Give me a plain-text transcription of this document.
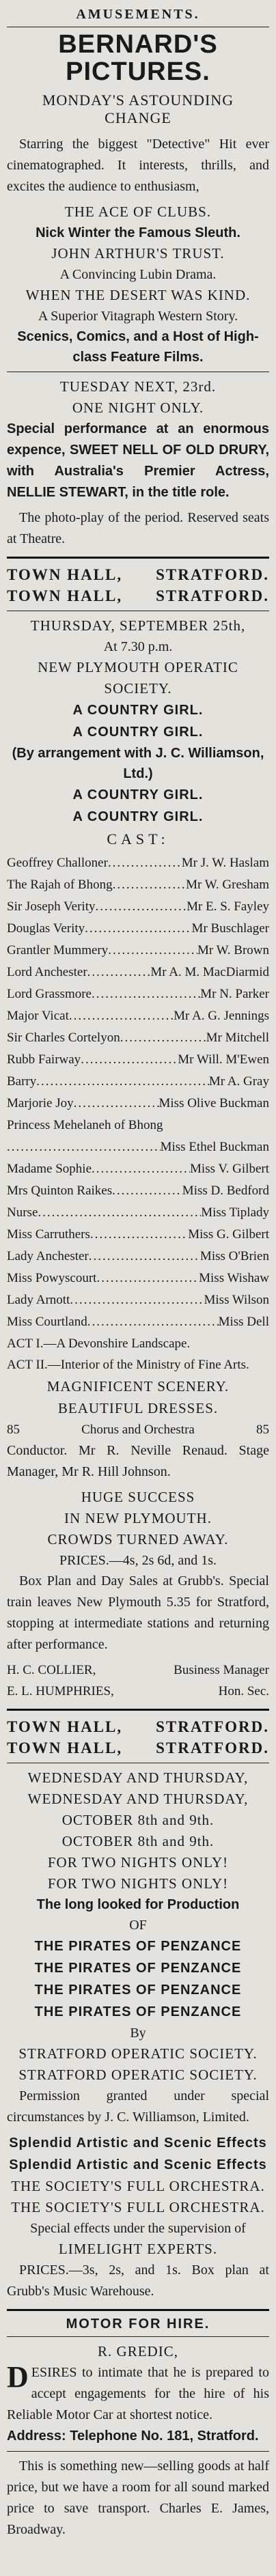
AMUSEMENTS.
BERNARD'S PICTURES.
MONDAY'S ASTOUNDING CHANGE

Starring the biggest "Detective" Hit ever cinematographed. It interests, thrills, and excites the audience to enthusiasm,

THE ACE OF CLUBS.
Nick Winter the Famous Sleuth.
JOHN ARTHUR'S TRUST.
A Convincing Lubin Drama.
WHEN THE DESERT WAS KIND.
A Superior Vitagraph Western Story.
Scenics, Comics, and a Host of High-class Feature Films.
TUESDAY NEXT, 23rd.
ONE NIGHT ONLY.

Special performance at an enormous expence, SWEET NELL OF OLD DRURY, with Australia's Premier Actress, NELLIE STEWART, in the title role.

The photo-play of the period. Reserved seats at Theatre.

TOWN HALL, STRATFORD.
TOWN HALL, STRATFORD.
THURSDAY, SEPTEMBER 25th,
At 7.30 p.m.
NEW PLYMOUTH OPERATIC SOCIETY.
A COUNTRY GIRL.
A COUNTRY GIRL.
(By arrangement with J. C. Williamson, Ltd.)
A COUNTRY GIRL.
A COUNTRY GIRL.
CAST:
Geoffrey Challoner .....	Mr J. W. Haslam
The Rajah of Bhong .....	Mr W. Gresham
Sir Joseph Verity .....	Mr E. S. Fayley
Douglas Verity .....	Mr Buschlager
Grantler Mummery .....	Mr W. Brown
Lord Anchester .....	Mr A. M. MacDiarmid
Lord Grassmore .....	Mr N. Parker
Major Vicat .....	Mr A. G. Jennings
Sir Charles Cortelyon .....	Mr Mitchell
Rubb Fairway .....	Mr Will. M'Ewen
Barry .....	Mr A. Gray
Marjorie Joy .....	Miss Olive Buckman
Princess Mehelaneh of Bhong
.....
Miss Ethel Buckman
Madame Sophie .....	Miss V. Gilbert
Mrs Quinton Raikes .....	Miss D. Bedford
Nurse .....	Miss Tiplady
Miss Carruthers .....	Miss G. Gilbert
Lady Anchester .....	Miss O'Brien
Miss Powyscourt .....	Miss Wishaw
Lady Arnott .....	Miss Wilson
Miss Courtland .....	Miss Dell

ACT I.—A Devonshire Landscape.

ACT II.—Interior of the Ministry of Fine Arts.

MAGNIFICENT SCENERY. BEAUTIFUL DRESSES.
85	Chorus and Orchestra	85

Conductor. Mr R. Neville Renaud. Stage Manager, Mr R. Hill Johnson.

HUGE SUCCESS
IN NEW PLYMOUTH.
CROWDS TURNED AWAY.
PRICES.—4s, 2s 6d, and 1s.

Box Plan and Day Sales at Grubb's. Special train leaves New Plymouth 5.35 for Stratford, stopping at intermediate stations and returning after performance.

H. C. COLLIER,	Business Manager
E. L. HUMPHRIES,	Hon. Sec.
TOWN HALL, STRATFORD.
TOWN HALL, STRATFORD.
WEDNESDAY AND THURSDAY,
WEDNESDAY AND THURSDAY,
OCTOBER 8th and 9th.
OCTOBER 8th and 9th.
FOR TWO NIGHTS ONLY!
FOR TWO NIGHTS ONLY!
The long looked for Production
OF
THE PIRATES OF PENZANCE
THE PIRATES OF PENZANCE
THE PIRATES OF PENZANCE
THE PIRATES OF PENZANCE
By
STRATFORD OPERATIC SOCIETY.
STRATFORD OPERATIC SOCIETY.

Permission granted under special circumstances by J. C. Williamson, Limited.

Splendid Artistic and Scenic Effects
Splendid Artistic and Scenic Effects
THE SOCIETY'S FULL ORCHESTRA.
THE SOCIETY'S FULL ORCHESTRA.
Special effects under the supervision of
LIMELIGHT EXPERTS.

PRICES.—3s, 2s, and 1s. Box plan at Grubb's Music Warehouse.

MOTOR FOR HIRE.
R. GREDIC,
DESIRES to intimate that he is prepared to accept engagements for the hire of his Reliable Motor Car at shortest notice.

Address: Telephone No. 181, Stratford.

This is something new—selling goods at half price, but we have a room for all sound marked price to save transport. Charles E. James, Broadway.
